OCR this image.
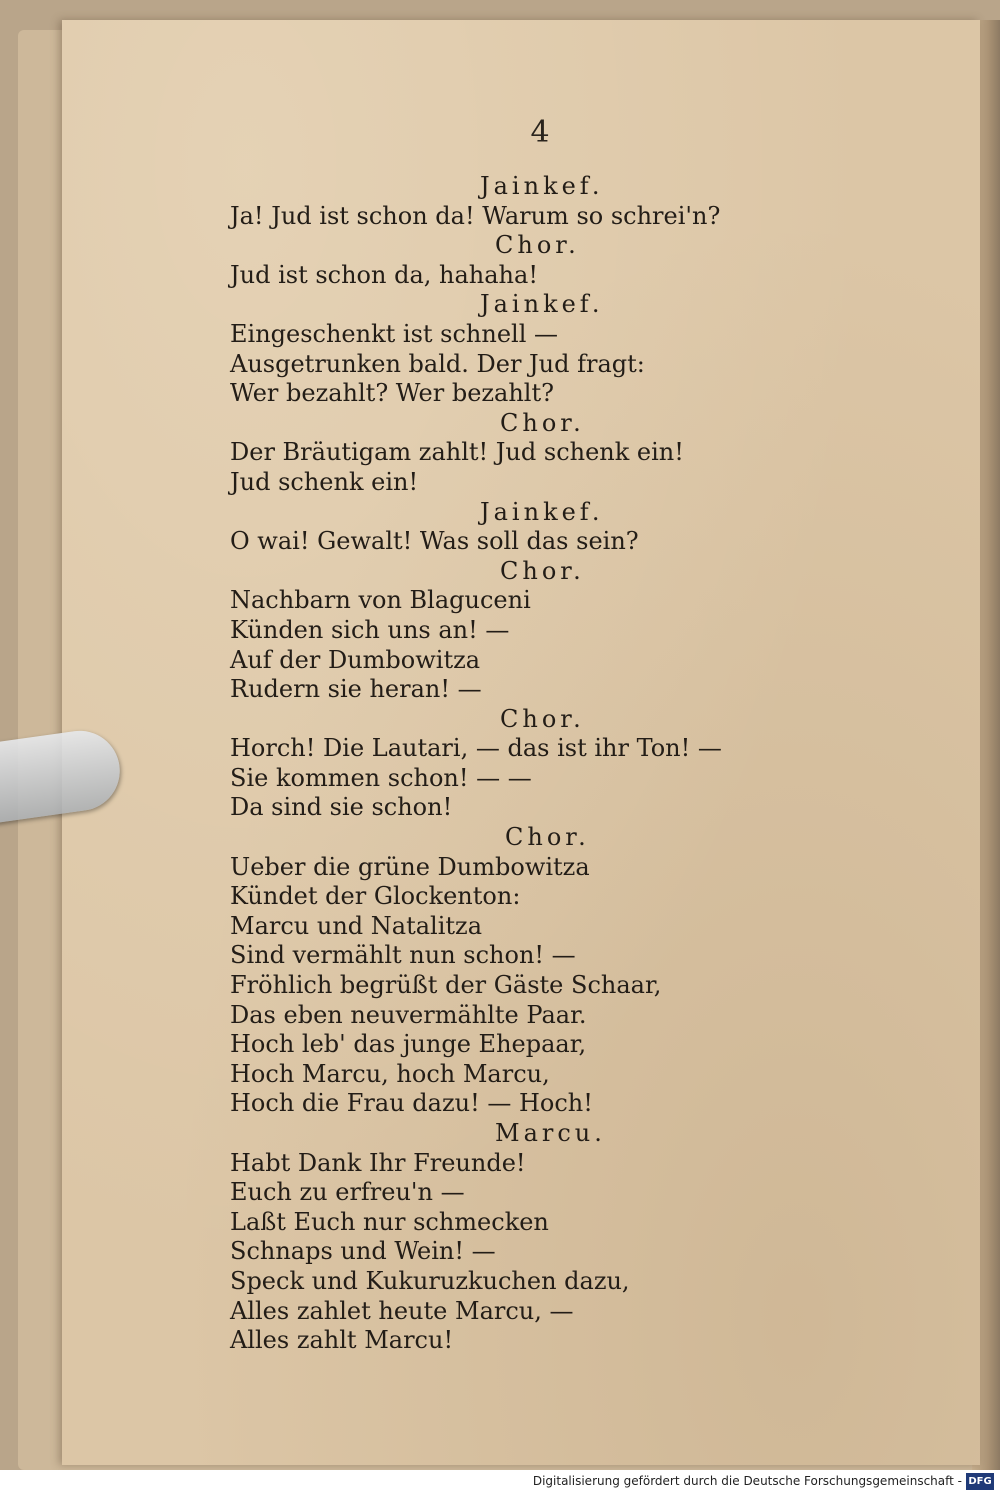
4
Jainkef.
Ja! Jud ist schon da! Warum so schrei'n?
Chor.
Jud ist schon da, hahaha!
Jainkef.
Eingeschenkt ist schnell —
Ausgetrunken bald. Der Jud fragt:
Wer bezahlt? Wer bezahlt?
Chor.
Der Bräutigam zahlt! Jud schenk ein!
Jud schenk ein!
Jainkef.
O wai! Gewalt! Was soll das sein?
Chor.
Nachbarn von Blaguceni
Künden sich uns an! —
Auf der Dumbowitza
Rudern sie heran! —
Chor.
Horch! Die Lautari, — das ist ihr Ton! —
Sie kommen schon! — —
Da sind sie schon!
Chor.
Ueber die grüne Dumbowitza
Kündet der Glockenton:
Marcu und Natalitza
Sind vermählt nun schon! —
Fröhlich begrüßt der Gäste Schaar,
Das eben neuvermählte Paar.
Hoch leb' das junge Ehepaar,
Hoch Marcu, hoch Marcu,
Hoch die Frau dazu! — Hoch!
Marcu.
Habt Dank Ihr Freunde!
Euch zu erfreu'n —
Laßt Euch nur schmecken
Schnaps und Wein! —
Speck und Kukuruzkuchen dazu,
Alles zahlet heute Marcu, —
Alles zahlt Marcu!
Digitalisierung gefördert durch die Deutsche Forschungsgemeinschaft - DFG
